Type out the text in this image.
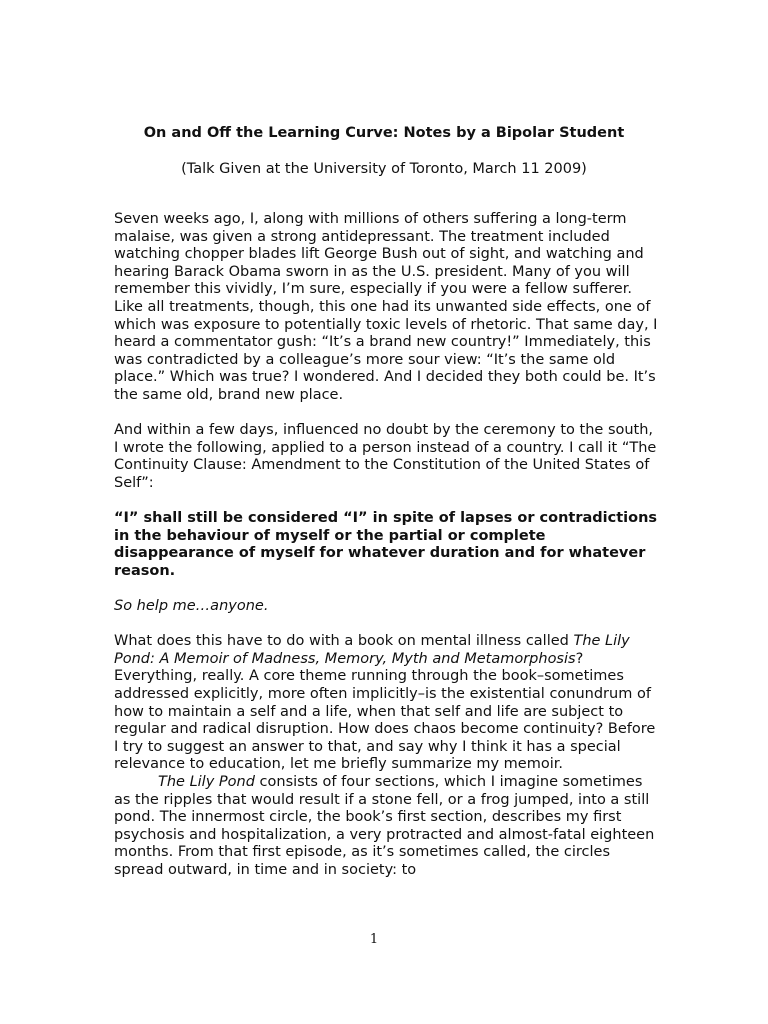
On and Off the Learning Curve: Notes by a Bipolar Student
(Talk Given at the University of Toronto, March 11 2009)

Seven weeks ago, I, along with millions of others suffering a long-term malaise, was given a strong antidepressant. The treatment included watching chopper blades lift George Bush out of sight, and watching and hearing Barack Obama sworn in as the U.S. president. Many of you will remember this vividly, I’m sure, especially if you were a fellow sufferer. Like all treatments, though, this one had its unwanted side effects, one of which was exposure to potentially toxic levels of rhetoric. That same day, I heard a commentator gush: “It’s a brand new country!” Immediately, this was contradicted by a colleague’s more sour view: “It’s the same old place.” Which was true? I wondered. And I decided they both could be. It’s the same old, brand new place.

And within a few days, influenced no doubt by the ceremony to the south, I wrote the following, applied to a person instead of a country. I call it “The Continuity Clause: Amendment to the Constitution of the United States of Self”:

“I” shall still be considered “I” in spite of lapses or contradictions in the behaviour of myself or the partial or complete disappearance of myself for whatever duration and for whatever reason.

So help me…anyone.

What does this have to do with a book on mental illness called The Lily Pond: A Memoir of Madness, Memory, Myth and Metamorphosis? Everything, really. A core theme running through the book–sometimes addressed explicitly, more often implicitly–is the existential conundrum of how to maintain a self and a life, when that self and life are subject to regular and radical disruption. How does chaos become continuity? Before I try to suggest an answer to that, and say why I think it has a special relevance to education, let me briefly summarize my memoir.

The Lily Pond consists of four sections, which I imagine sometimes as the ripples that would result if a stone fell, or a frog jumped, into a still pond. The innermost circle, the book’s first section, describes my first psychosis and hospitalization, a very protracted and almost-fatal eighteen months. From that first episode, as it’s sometimes called, the circles spread outward, in time and in society: to

1
